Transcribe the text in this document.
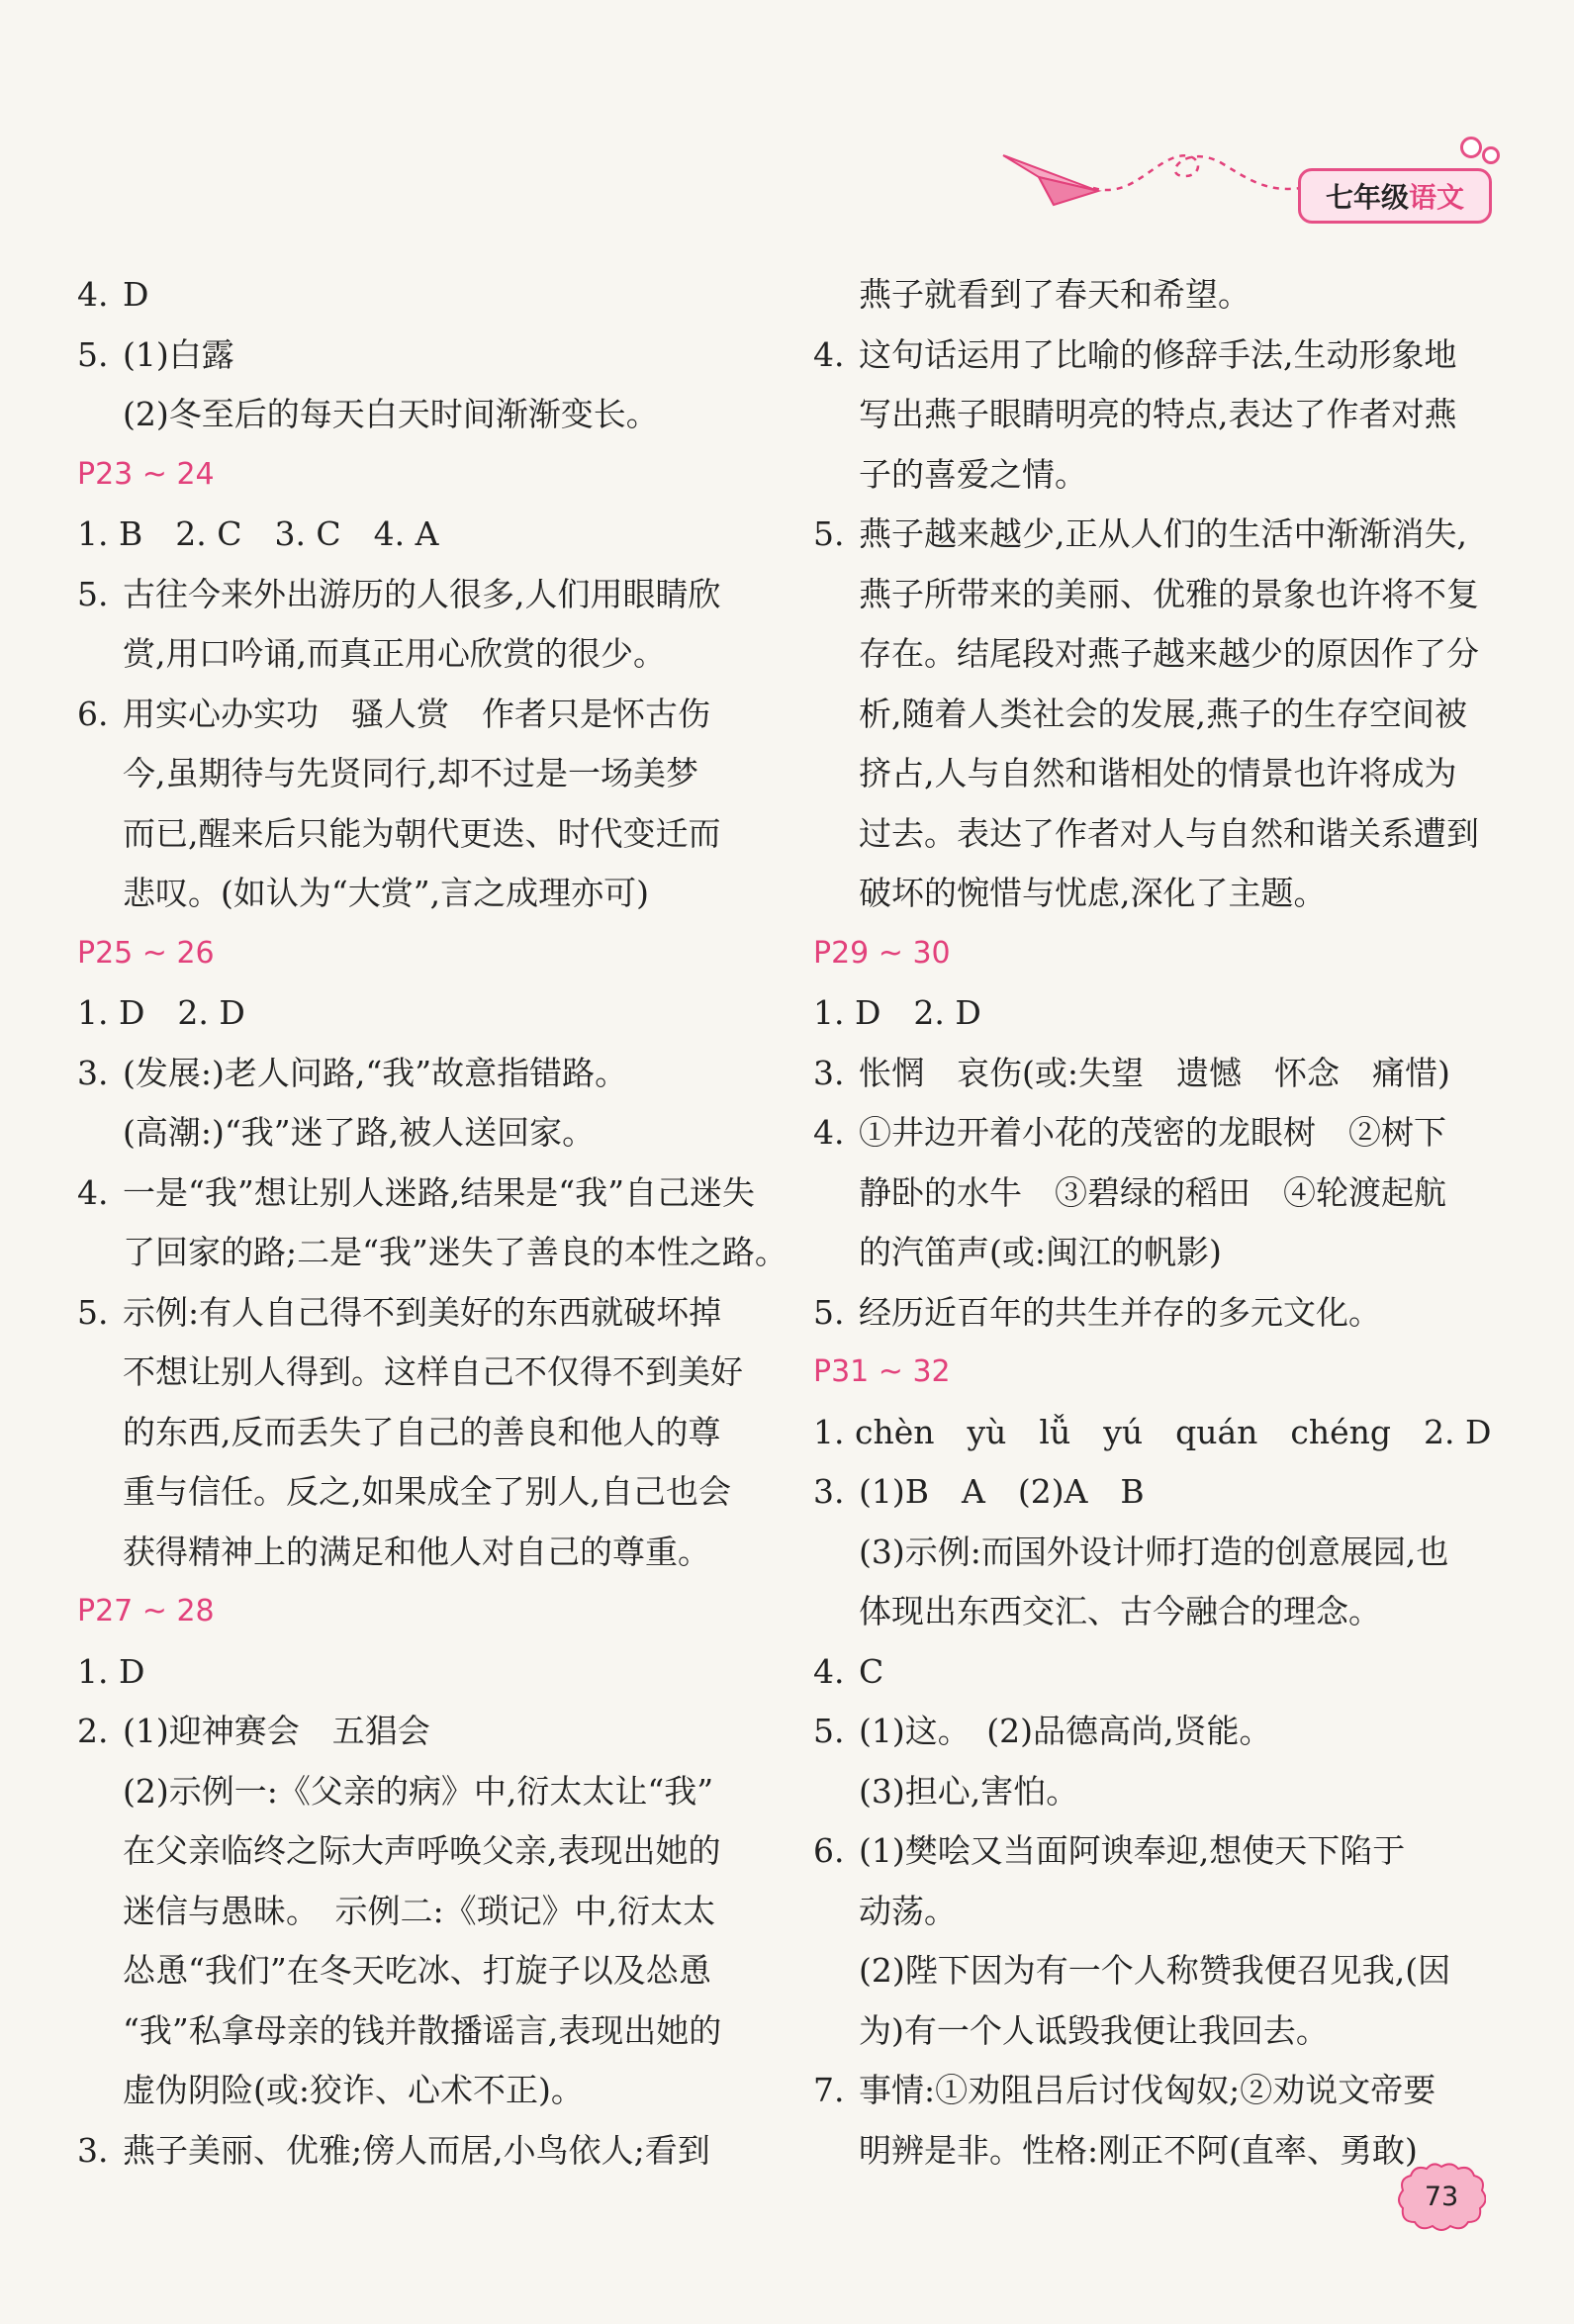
七年级 语文
4. D
5. (1)白露
(2)冬至后的每天白天时间渐渐变长。
P23 ~ 24
1. B　2. C　3. C　4. A
5. 古往今来外出游历的人很多,人们用眼睛欣
赏,用口吟诵,而真正用心欣赏的很少。
6. 用实心办实功　骚人赏　作者只是怀古伤
今,虽期待与先贤同行,却不过是一场美梦
而已,醒来后只能为朝代更迭、时代变迁而
悲叹。(如认为“大赏”,言之成理亦可)
P25 ~ 26
1. D　2. D
3. (发展:)老人问路,“我”故意指错路。
(高潮:)“我”迷了路,被人送回家。
4. 一是“我”想让别人迷路,结果是“我”自己迷失
了回家的路;二是“我”迷失了善良的本性之路。
5. 示例:有人自己得不到美好的东西就破坏掉
不想让别人得到。这样自己不仅得不到美好
的东西,反而丢失了自己的善良和他人的尊
重与信任。反之,如果成全了别人,自己也会
获得精神上的满足和他人对自己的尊重。
P27 ~ 28
1. D
2. (1)迎神赛会　五猖会
(2)示例一:《父亲的病》中,衍太太让“我”
在父亲临终之际大声呼唤父亲,表现出她的
迷信与愚昧。　示例二:《琐记》中,衍太太
怂恿“我们”在冬天吃冰、打旋子以及怂恿
“我”私拿母亲的钱并散播谣言,表现出她的
虚伪阴险(或:狡诈、心术不正)。
3. 燕子美丽、优雅;傍人而居,小鸟依人;看到
燕子就看到了春天和希望。
4. 这句话运用了比喻的修辞手法,生动形象地
写出燕子眼睛明亮的特点,表达了作者对燕
子的喜爱之情。
5. 燕子越来越少,正从人们的生活中渐渐消失,
燕子所带来的美丽、优雅的景象也许将不复
存在。结尾段对燕子越来越少的原因作了分
析,随着人类社会的发展,燕子的生存空间被
挤占,人与自然和谐相处的情景也许将成为
过去。表达了作者对人与自然和谐关系遭到
破坏的惋惜与忧虑,深化了主题。
P29 ~ 30
1. D　2. D
3. 怅惘　哀伤(或:失望　遗憾　怀念　痛惜)
4. ①井边开着小花的茂密的龙眼树　②树下
静卧的水牛　③碧绿的稻田　④轮渡起航
的汽笛声(或:闽江的帆影)
5. 经历近百年的共生并存的多元文化。
P31 ~ 32
1. chèn　yù　lǚ　yú　quán　chéng　2. D
3. (1)B　A　(2)A　B
(3)示例:而国外设计师打造的创意展园,也
体现出东西交汇、古今融合的理念。
4. C
5. (1)这。　(2)品德高尚,贤能。
(3)担心,害怕。
6. (1)樊哙又当面阿谀奉迎,想使天下陷于
动荡。
(2)陛下因为有一个人称赞我便召见我,(因
为)有一个人诋毁我便让我回去。
7. 事情:①劝阻吕后讨伐匈奴;②劝说文帝要
明辨是非。性格:刚正不阿(直率、勇敢)
73
